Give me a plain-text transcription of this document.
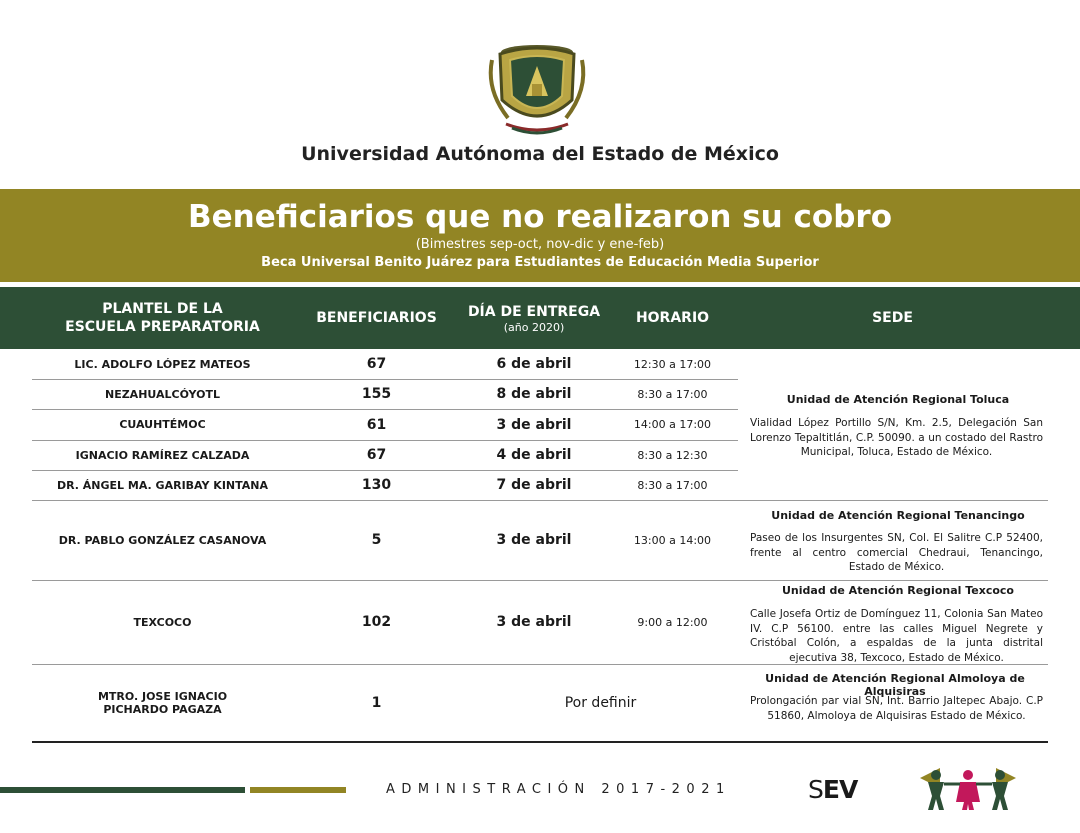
Universidad Autónoma del Estado de México
Beneficiarios que no realizaron su cobro
(Bimestres sep-oct, nov-dic y ene-feb)
Beca Universal Benito Juárez para Estudiantes de Educación Media Superior
PLANTEL DE LA
ESCUELA PREPARATORIA
BENEFICIARIOS	DÍA DE ENTREGA
(año 2020)
HORARIO	SEDE
LIC. ADOLFO LÓPEZ MATEOS	67	6 de abril	12:30 a 17:00
NEZAHUALCÓYOTL	155	8 de abril	8:30 a 17:00
CUAUHTÉMOC	61	3 de abril	14:00 a 17:00
IGNACIO RAMÍREZ CALZADA	67	4 de abril	8:30 a 12:30
DR. ÁNGEL MA. GARIBAY KINTANA	130	7 de abril	8:30 a 17:00
Unidad de Atención Regional Toluca
Vialidad López Portillo S/N, Km. 2.5, Delegación San Lorenzo Tepaltitlán, C.P. 50090. a un costado del Rastro Municipal, Toluca, Estado de México.
DR. PABLO GONZÁLEZ CASANOVA	5	3 de abril	13:00 a 14:00
Unidad de Atención Regional Tenancingo
Paseo de los Insurgentes SN, Col. El Salitre C.P 52400, frente al centro comercial Chedraui, Tenancingo, Estado de México.
TEXCOCO	102	3 de abril	9:00 a 12:00
Unidad de Atención Regional Texcoco
Calle Josefa Ortiz de Domínguez 11, Colonia San Mateo IV. C.P 56100. entre las calles Miguel Negrete y Cristóbal Colón, a espaldas de la junta distrital ejecutiva 38, Texcoco, Estado de México.
MTRO. JOSE IGNACIO
PICHARDO PAGAZA	1	Por definir
Unidad de Atención Regional Almoloya de Alquisiras
Prolongación par vial SN, Int. Barrio Jaltepec Abajo. C.P 51860, Almoloya de Alquisiras Estado de México.
ADMINISTRACIÓN 2017-2021	SEV
